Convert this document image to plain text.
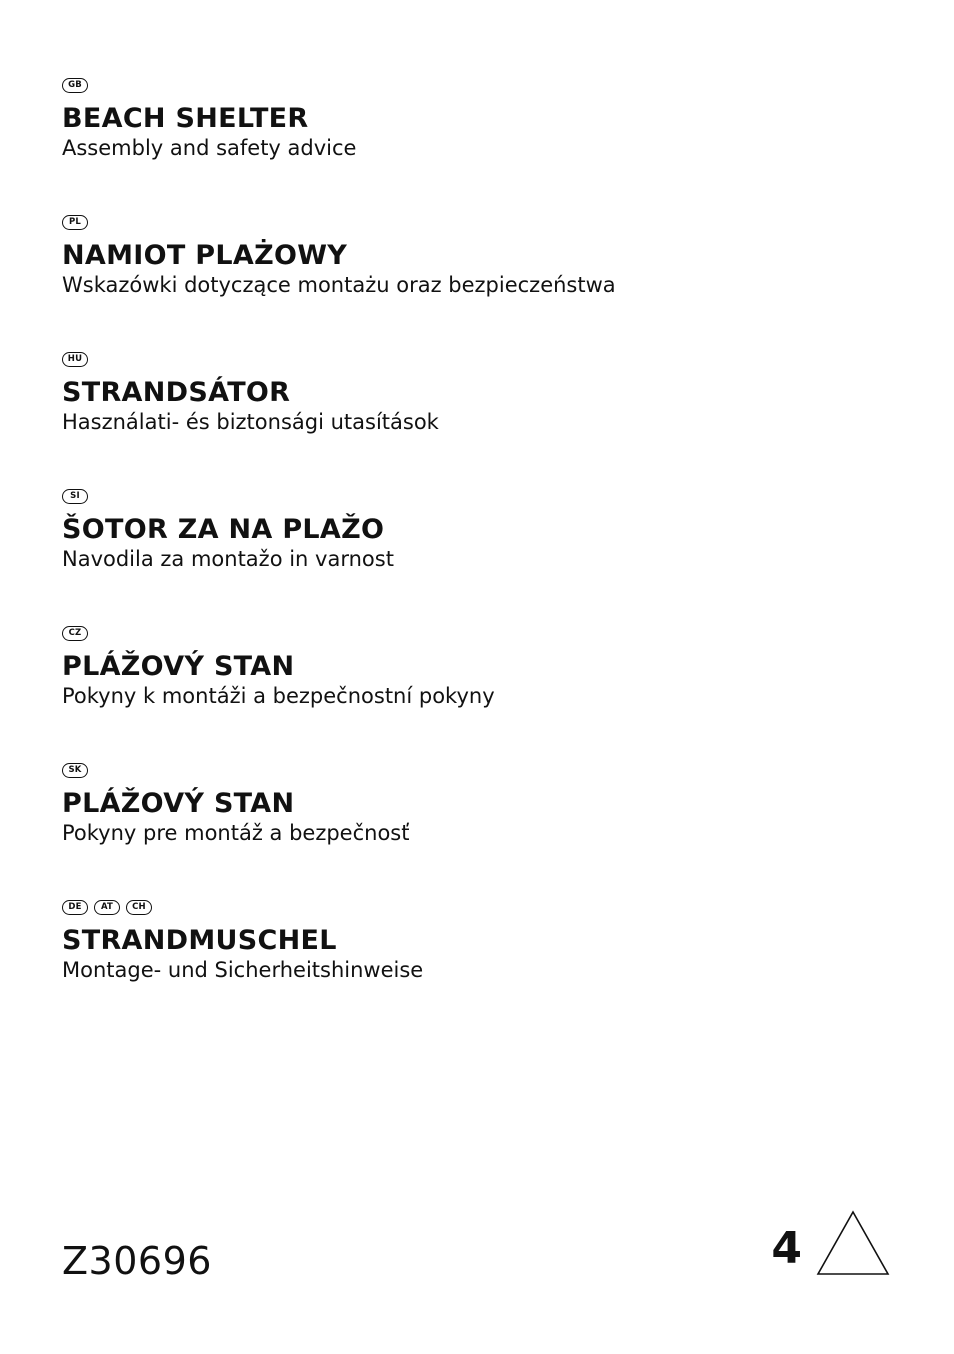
GB
BEACH SHELTER
Assembly and safety advice
PL
NAMIOT PLAŻOWY
Wskazówki dotyczące montażu oraz bezpieczeństwa
HU
STRANDSÁTOR
Használati- és biztonsági utasítások
SI
ŠOTOR ZA NA PLAŽO
Navodila za montažo in varnost
CZ
PLÁŽOVÝ STAN
Pokyny k montáži a bezpečnostní pokyny
SK
PLÁŽOVÝ STAN
Pokyny pre montáž a bezpečnosť
DE	AT	CH
STRANDMUSCHEL
Montage- und Sicherheitshinweise
Z30696	4
